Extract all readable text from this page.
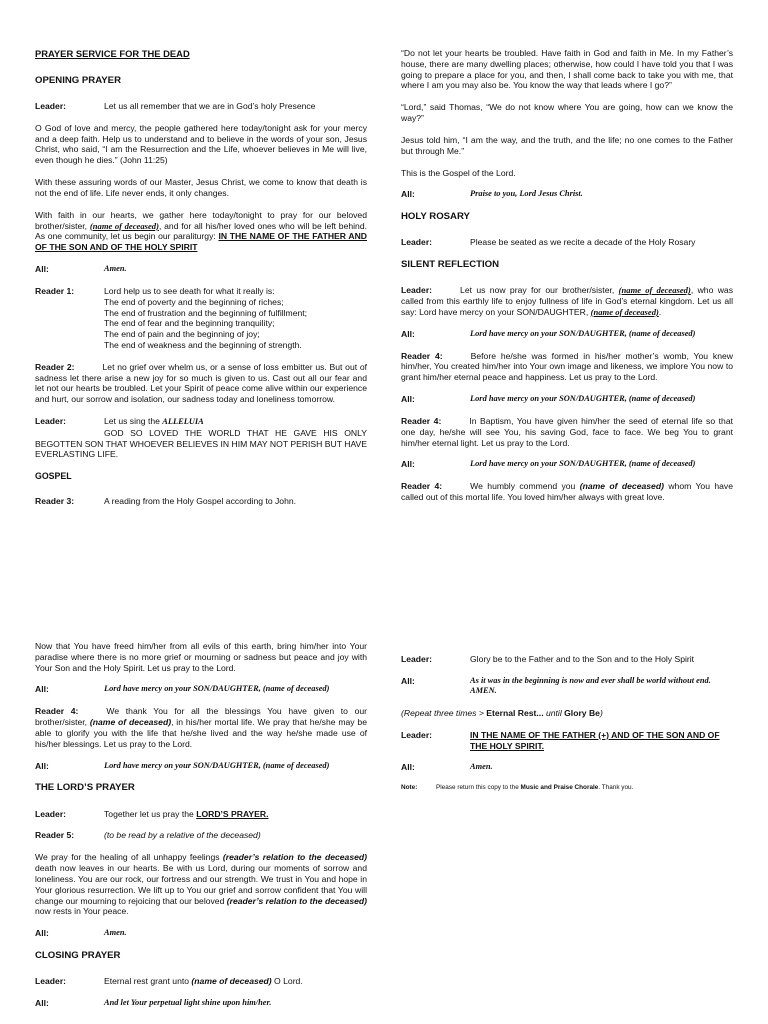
PRAYER SERVICE FOR THE DEAD
OPENING PRAYER
Leader:	Let us all remember that we are in God’s holy Presence
O God of love and mercy, the people gathered here today/tonight ask for your mercy and a deep faith. Help us to understand and to believe in the words of your son, Jesus Christ, who said, “I am the Resurrection and the Life, whoever believes in Me will live, even though he dies.” (John 11:25)
With these assuring words of our Master, Jesus Christ, we come to know that death is not the end of life. Life never ends, it only changes.
With faith in our hearts, we gather here today/tonight to pray for our beloved brother/sister, (name of deceased), and for all his/her loved ones who will be left behind. As one community, let us begin our paraliturgy: IN THE NAME OF THE FATHER AND OF THE SON AND OF THE HOLY SPIRIT
All:	Amen.
Reader 1:	Lord help us to see death for what it really is:
The end of poverty and the beginning of riches;
The end of frustration and the beginning of fulfillment;
The end of fear and the beginning tranquility;
The end of pain and the beginning of joy;
The end of weakness and the beginning of strength.
Reader 2:	Let no grief over whelm us, or a sense of loss embitter us. But out of sadness let there arise a new joy for so much is given to us. Cast out all our fear and let not our hearts be troubled. Let your Spirit of peace come alive within our experience and hurt, our sorrow and isolation, our sadness today and loneliness tomorrow.
Leader:	Let us sing the ALLELUIA
GOD SO LOVED THE WORLD THAT HE GAVE HIS ONLY BEGOTTEN SON THAT WHOEVER BELIEVES IN HIM MAY NOT PERISH BUT HAVE EVERLASTING LIFE.
GOSPEL
Reader 3:	A reading from the Holy Gospel according to John.
“Do not let your hearts be troubled. Have faith in God and faith in Me. In my Father’s house, there are many dwelling places; otherwise, how could I have told you that I was going to prepare a place for you, and then, I shall come back to take you with me, that where I am you may also be. You know the way that leads where I go?”
“Lord,” said Thomas, “We do not know where You are going, how can we know the way?”
Jesus told him, “I am the way, and the truth, and the life; no one comes to the Father but through Me.”
This is the Gospel of the Lord.
All:	Praise to you, Lord Jesus Christ.
HOLY ROSARY
Leader:	Please be seated as we recite a decade of the Holy Rosary
SILENT REFLECTION
Leader:	Let us now pray for our brother/sister, (name of deceased), who was called from this earthly life to enjoy fullness of life in God’s eternal kingdom. Let us all say: Lord have mercy on your SON/DAUGHTER, (name of deceased).
All:	Lord have mercy on your SON/DAUGHTER, (name of deceased)
Reader 4:	Before he/she was formed in his/her mother’s womb, You knew him/her, You created him/her into Your own image and likeness, we implore You now to grant him/her eternal peace and happiness. Let us pray to the Lord.
All:	Lord have mercy on your SON/DAUGHTER, (name of deceased)
Reader 4:	In Baptism, You have given him/her the seed of eternal life so that one day, he/she will see You, his saving God, face to face. We beg You to grant him/her eternal light. Let us pray to the Lord.
All:	Lord have mercy on your SON/DAUGHTER, (name of deceased)
Reader 4:	We humbly commend you (name of deceased) whom You have called out of this mortal life. You loved him/her always with great love.
Now that You have freed him/her from all evils of this earth, bring him/her into Your paradise where there is no more grief or mourning or sadness but peace and joy with Your Son and the Holy Spirit. Let us pray to the Lord.
All:	Lord have mercy on your SON/DAUGHTER, (name of deceased)
Reader 4:	We thank You for all the blessings You have given to our brother/sister, (name of deceased), in his/her mortal life. We pray that he/she may be able to glorify you with the life that he/she lived and the way he/she made use of his/her blessings. Let us pray to the Lord.
All:	Lord have mercy on your SON/DAUGHTER, (name of deceased)
THE LORD’S PRAYER
Leader:	Together let us pray the LORD’S PRAYER.
Reader 5:	(to be read by a relative of the deceased)
We pray for the healing of all unhappy feelings (reader’s relation to the deceased) death now leaves in our hearts. Be with us Lord, during our moments of sorrow and loneliness. You are our rock, our fortress and our strength. We trust in You and hope in Your glorious resurrection. We lift up to You our grief and sorrow confident that You will change our mourning to rejoicing that our beloved (reader’s relation to the deceased) now rests in Your peace.
All:	Amen.
CLOSING PRAYER
Leader:	Eternal rest grant unto (name of deceased) O Lord.
All:	And let Your perpetual light shine upon him/her.
Leader:	Glory be to the Father and to the Son and to the Holy Spirit
All:	As it was in the beginning is now and ever shall be world without end. AMEN.
(Repeat three times > Eternal Rest... until Glory Be)
Leader:	IN THE NAME OF THE FATHER (+) AND OF THE SON AND OF THE HOLY SPIRIT.
All:	Amen.
Note:	Please return this copy to the Music and Praise Chorale. Thank you.
